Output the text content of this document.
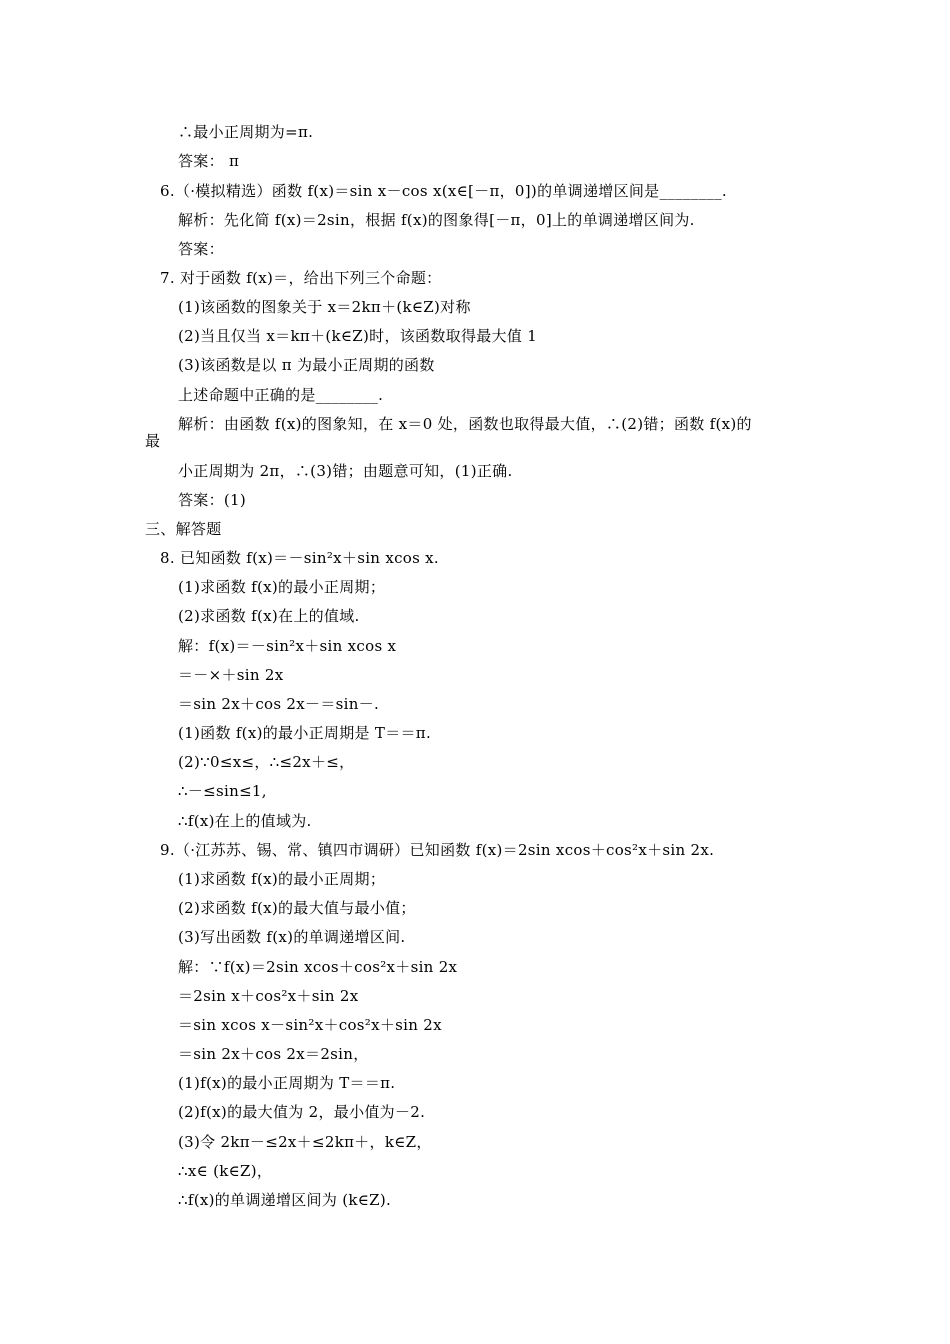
∴最小正周期为=π.
答案： π
6.（·模拟精选）函数 f(x)＝sin x－cos x(x∈[－π，0])的单调递增区间是________.
解析：先化简 f(x)＝2sin，根据 f(x)的图象得[－π，0]上的单调递增区间为.
答案：
7. 对于函数 f(x)＝，给出下列三个命题：
(1)该函数的图象关于 x＝2kπ＋(k∈Z)对称
(2)当且仅当 x＝kπ＋(k∈Z)时，该函数取得最大值 1
(3)该函数是以 π 为最小正周期的函数
上述命题中正确的是________.
解析：由函数 f(x)的图象知，在 x＝0 处，函数也取得最大值，∴(2)错；函数 f(x)的
最
小正周期为 2π，∴(3)错；由题意可知，(1)正确.
答案：(1)
三、解答题
8. 已知函数 f(x)＝－sin²x＋sin xcos x.
(1)求函数 f(x)的最小正周期；
(2)求函数 f(x)在上的值域.
解：f(x)＝－sin²x＋sin xcos x
＝－×＋sin 2x
＝sin 2x＋cos 2x－＝sin－.
(1)函数 f(x)的最小正周期是 T＝＝π.
(2)∵0≤x≤，∴≤2x＋≤，
∴－≤sin≤1,
∴f(x)在上的值域为.
9.（·江苏苏、锡、常、镇四市调研）已知函数 f(x)＝2sin xcos＋cos²x＋sin 2x.
(1)求函数 f(x)的最小正周期；
(2)求函数 f(x)的最大值与最小值；
(3)写出函数 f(x)的单调递增区间.
解：∵f(x)＝2sin xcos＋cos²x＋sin 2x
＝2sin x＋cos²x＋sin 2x
＝sin xcos x－sin²x＋cos²x＋sin 2x
＝sin 2x＋cos 2x＝2sin，
(1)f(x)的最小正周期为 T＝＝π.
(2)f(x)的最大值为 2，最小值为－2.
(3)令 2kπ－≤2x＋≤2kπ＋，k∈Z，
∴x∈ (k∈Z)，
∴f(x)的单调递增区间为 (k∈Z).
